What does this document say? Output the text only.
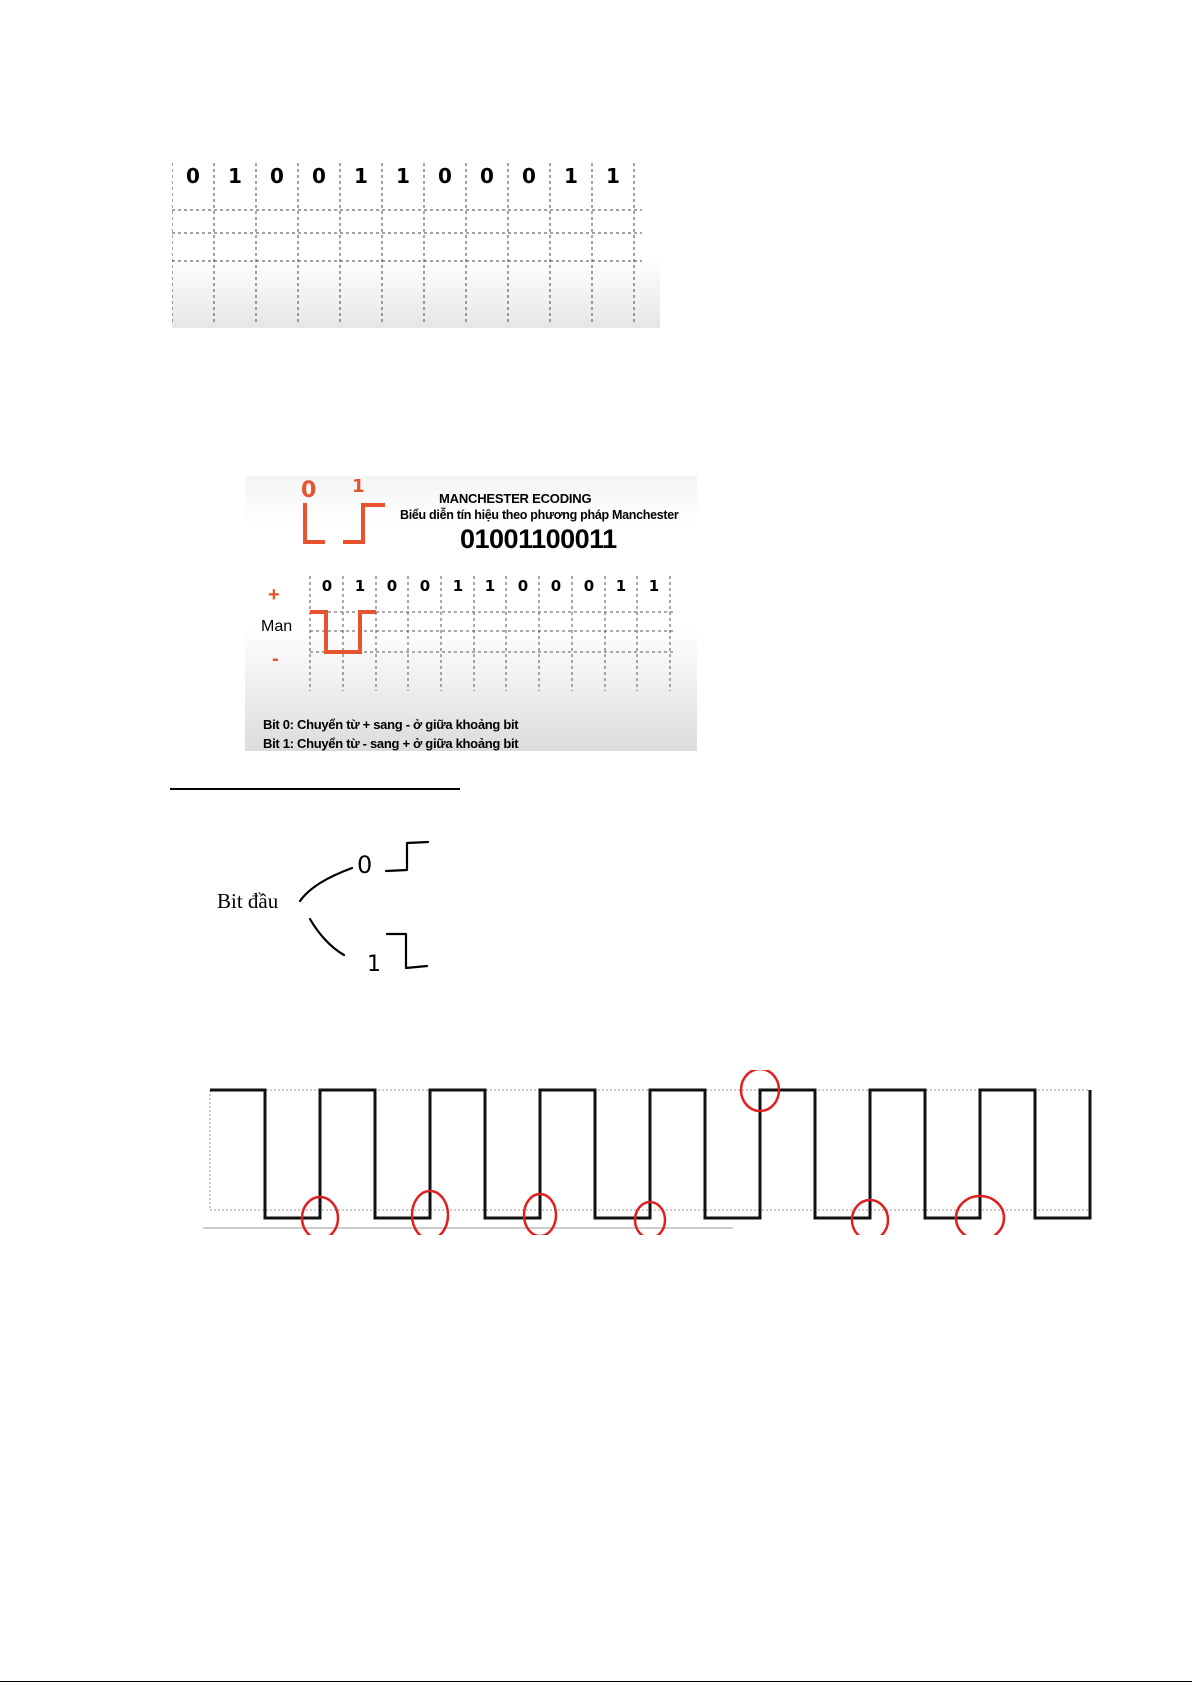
0	1	0	0	1	1	0	0	0	1	1
0 1
MANCHESTER ECODING
Biểu diễn tín hiệu theo phương pháp Manchester
01001100011
+
Man
-
0	1	0	0	1	1	0	0	0	1	1
Bit 0: Chuyển từ + sang - ở giữa khoảng bit
Bit 1: Chuyển từ - sang + ở giữa khoảng bit
Bit đầu
0
1
